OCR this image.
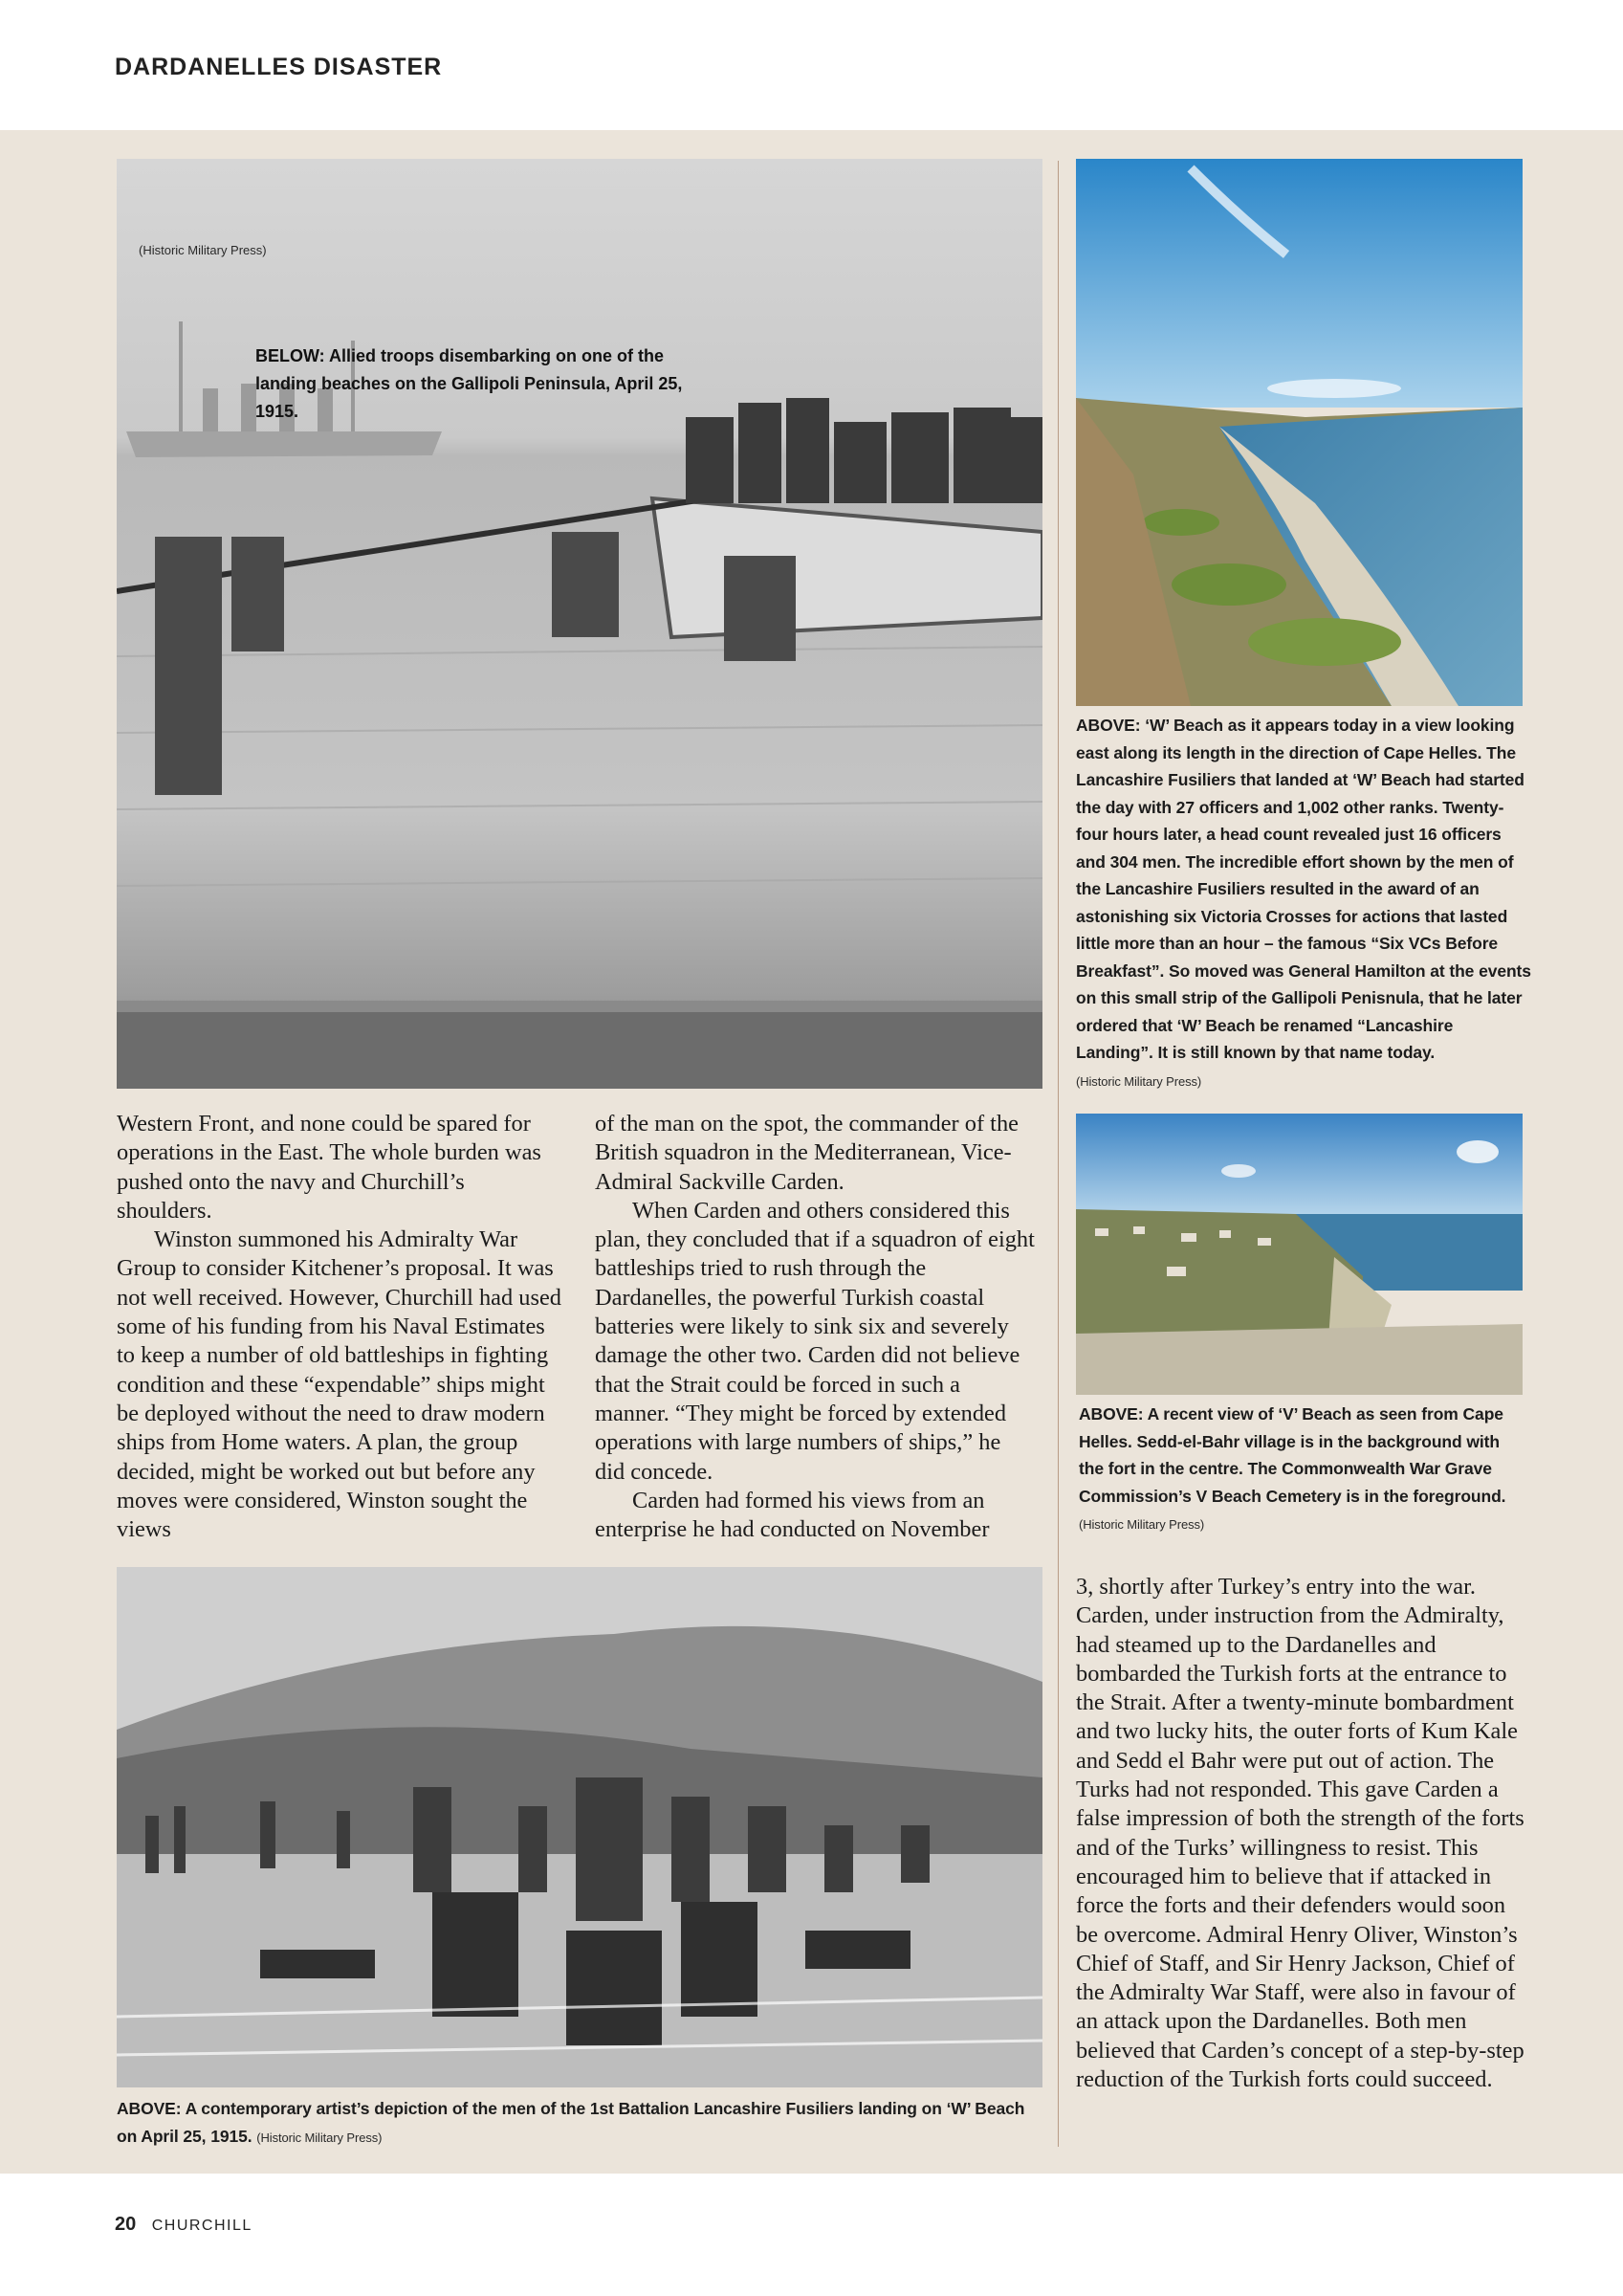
DARDANELLES DISASTER
BELOW: Allied troops disembarking on one of the landing beaches on the Gallipoli Peninsula, April 25, 1915.
(Historic Military Press)
ABOVE: ‘W’ Beach as it appears today in a view looking east along its length in the direction of Cape Helles. The Lancashire Fusiliers that landed at ‘W’ Beach had started the day with 27 officers and 1,002 other ranks. Twenty-four hours later, a head count revealed just 16 officers and 304 men. The incredible effort shown by the men of the Lancashire Fusiliers resulted in the award of an astonishing six Victoria Crosses for actions that lasted little more than an hour – the famous “Six VCs Before Breakfast”. So moved was General Hamilton at the events on this small strip of the Gallipoli Penisnula, that he later ordered that ‘W’ Beach be renamed “Lancashire Landing”. It is still known by that name today.
(Historic Military Press)
ABOVE: A recent view of ‘V’ Beach as seen from Cape Helles. Sedd-el-Bahr village is in the background with the fort in the centre. The Commonwealth War Grave Commission’s V Beach Cemetery is in the foreground.
(Historic Military Press)
ABOVE: A contemporary artist’s depiction of the men of the 1st Battalion Lancashire Fusiliers landing on ‘W’ Beach on April 25, 1915. (Historic Military Press)

Western Front, and none could be spared for operations in the East. The whole burden was pushed onto the navy and Churchill’s shoulders.

Winston summoned his Admiralty War Group to consider Kitchener’s proposal. It was not well received. However, Churchill had used some of his funding from his Naval Estimates to keep a number of old battleships in fighting condition and these “expendable” ships might be deployed without the need to draw modern ships from Home waters. A plan, the group decided, might be worked out but before any moves were considered, Winston sought the views

of the man on the spot, the commander of the British squadron in the Mediterranean, Vice-Admiral Sackville Carden.

When Carden and others considered this plan, they concluded that if a squadron of eight battleships tried to rush through the Dardanelles, the powerful Turkish coastal batteries were likely to sink six and severely damage the other two. Carden did not believe that the Strait could be forced in such a manner. “They might be forced by extended operations with large numbers of ships,” he did concede.

Carden had formed his views from an enterprise he had conducted on November

3, shortly after Turkey’s entry into the war. Carden, under instruction from the Admiralty, had steamed up to the Dardanelles and bombarded the Turkish forts at the entrance to the Strait. After a twenty-minute bombardment and two lucky hits, the outer forts of Kum Kale and Sedd el Bahr were put out of action. The Turks had not responded. This gave Carden a false impression of both the strength of the forts and of the Turks’ willingness to resist. This encouraged him to believe that if attacked in force the forts and their defenders would soon be overcome. Admiral Henry Oliver, Winston’s Chief of Staff, and Sir Henry Jackson, Chief of the Admiralty War Staff, were also in favour of an attack upon the Dardanelles. Both men believed that Carden’s concept of a step-by-step reduction of the Turkish forts could succeed.

20 CHURCHILL
